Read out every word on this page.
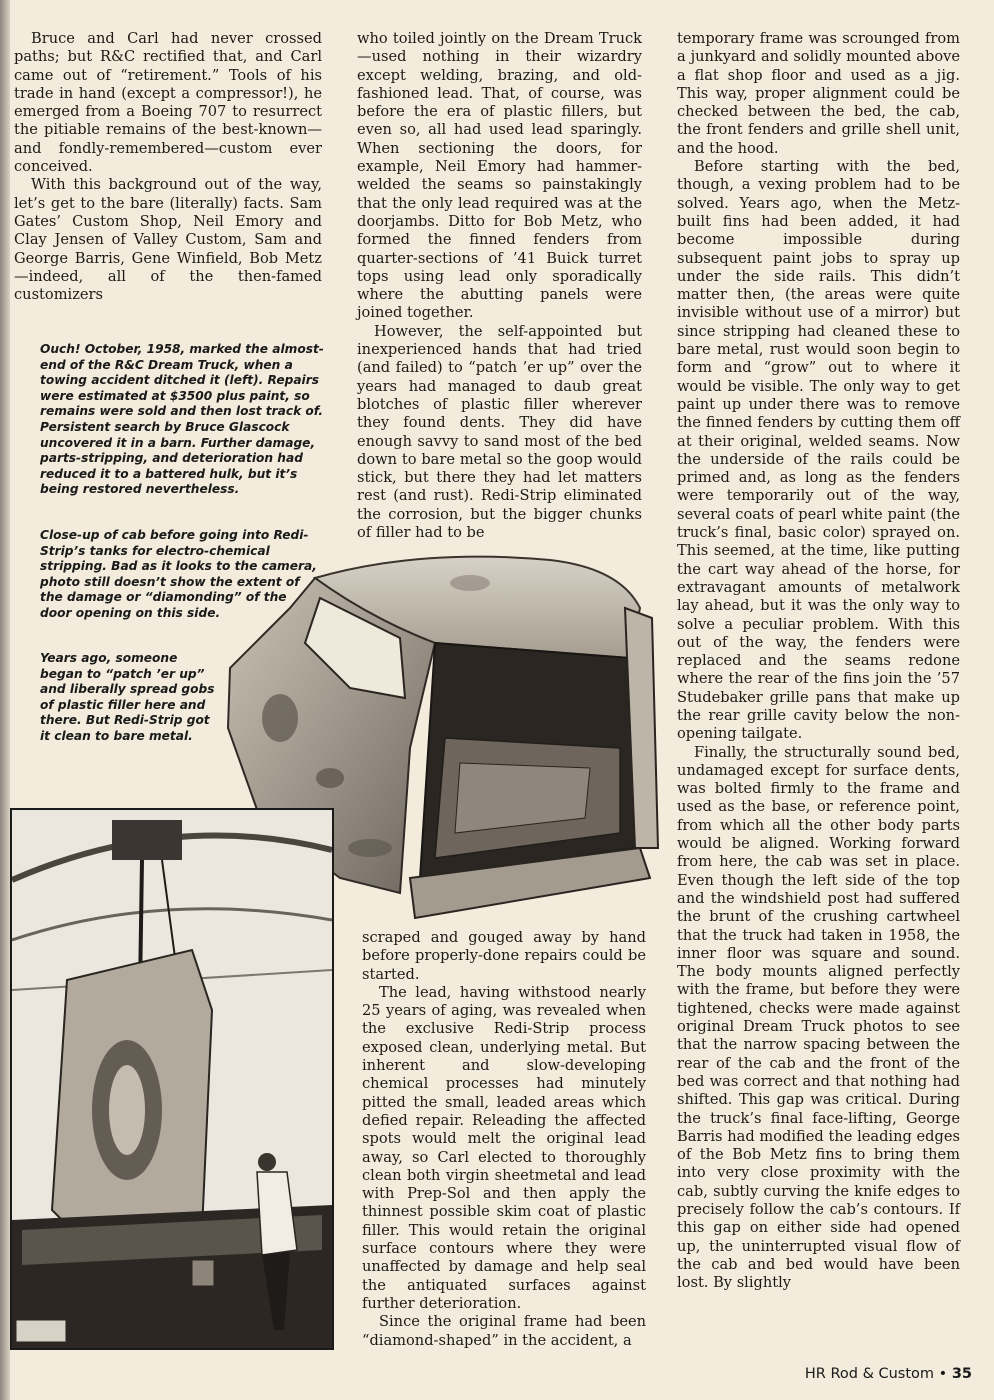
Bruce and Carl had never crossed paths; but R&C rectified that, and Carl came out of “retirement.” Tools of his trade in hand (except a compressor!), he emerged from a Boeing 707 to resurrect the pitiable remains of the best-known—and fondly-remembered—custom ever conceived.

With this background out of the way, let’s get to the bare (literally) facts. Sam Gates’ Custom Shop, Neil Emory and Clay Jensen of Valley Custom, Sam and George Barris, Gene Winfield, Bob Metz—indeed, all of the then-famed customizers

Ouch! October, 1958, marked the almost-end of the R&C Dream Truck, when a towing accident ditched it (left). Repairs were estimated at $3500 plus paint, so remains were sold and then lost track of. Persistent search by Bruce Glascock uncovered it in a barn. Further damage, parts-stripping, and deterioration had reduced it to a battered hulk, but it’s being restored nevertheless.
Close-up of cab before going into Redi-Strip’s tanks for electro-chemical stripping. Bad as it looks to the camera, photo still doesn’t show the extent of the damage or “diamonding” of the door opening on this side.
Years ago, someone began to “patch ’er up” and liberally spread gobs of plastic filler here and there. But Redi-Strip got it clean to bare metal.

who toiled jointly on the Dream Truck—used nothing in their wizardry except welding, brazing, and old-fashioned lead. That, of course, was before the era of plastic fillers, but even so, all had used lead sparingly. When sectioning the doors, for example, Neil Emory had hammer-welded the seams so painstakingly that the only lead required was at the doorjambs. Ditto for Bob Metz, who formed the finned fenders from quarter-sections of ’41 Buick turret tops using lead only sporadically where the abutting panels were joined together.

However, the self-appointed but inexperienced hands that had tried (and failed) to “patch ’er up” over the years had managed to daub great blotches of plastic filler wherever they found dents. They did have enough savvy to sand most of the bed down to bare metal so the goop would stick, but there they had let matters rest (and rust). Redi-Strip eliminated the corrosion, but the bigger chunks of filler had to be

scraped and gouged away by hand before properly-done repairs could be started.

The lead, having withstood nearly 25 years of aging, was revealed when the exclusive Redi-Strip process exposed clean, underlying metal. But inherent and slow-developing chemical processes had minutely pitted the small, leaded areas which defied repair. Releading the affected spots would melt the original lead away, so Carl elected to thoroughly clean both virgin sheetmetal and lead with Prep-Sol and then apply the thinnest possible skim coat of plastic filler. This would retain the original surface contours where they were unaffected by damage and help seal the antiquated surfaces against further deterioration.

Since the original frame had been “diamond-shaped” in the accident, a

temporary frame was scrounged from a junkyard and solidly mounted above a flat shop floor and used as a jig. This way, proper alignment could be checked between the bed, the cab, the front fenders and grille shell unit, and the hood.

Before starting with the bed, though, a vexing problem had to be solved. Years ago, when the Metz-built fins had been added, it had become impossible during subsequent paint jobs to spray up under the side rails. This didn’t matter then, (the areas were quite invisible without use of a mirror) but since stripping had cleaned these to bare metal, rust would soon begin to form and “grow” out to where it would be visible. The only way to get paint up under there was to remove the finned fenders by cutting them off at their original, welded seams. Now the underside of the rails could be primed and, as long as the fenders were temporarily out of the way, several coats of pearl white paint (the truck’s final, basic color) sprayed on. This seemed, at the time, like putting the cart way ahead of the horse, for extravagant amounts of metalwork lay ahead, but it was the only way to solve a peculiar problem. With this out of the way, the fenders were replaced and the seams redone where the rear of the fins join the ’57 Studebaker grille pans that make up the rear grille cavity below the non-opening tailgate.

Finally, the structurally sound bed, undamaged except for surface dents, was bolted firmly to the frame and used as the base, or reference point, from which all the other body parts would be aligned. Working forward from here, the cab was set in place. Even though the left side of the top and the windshield post had suffered the brunt of the crushing cartwheel that the truck had taken in 1958, the inner floor was square and sound. The body mounts aligned perfectly with the frame, but before they were tightened, checks were made against original Dream Truck photos to see that the narrow spacing between the rear of the cab and the front of the bed was correct and that nothing had shifted. This gap was critical. During the truck’s final face-lifting, George Barris had modified the leading edges of the Bob Metz fins to bring them into very close proximity with the cab, subtly curving the knife edges to precisely follow the cab’s contours. If this gap on either side had opened up, the uninterrupted visual flow of the cab and bed would have been lost. By slightly

HR Rod & Custom • 35
